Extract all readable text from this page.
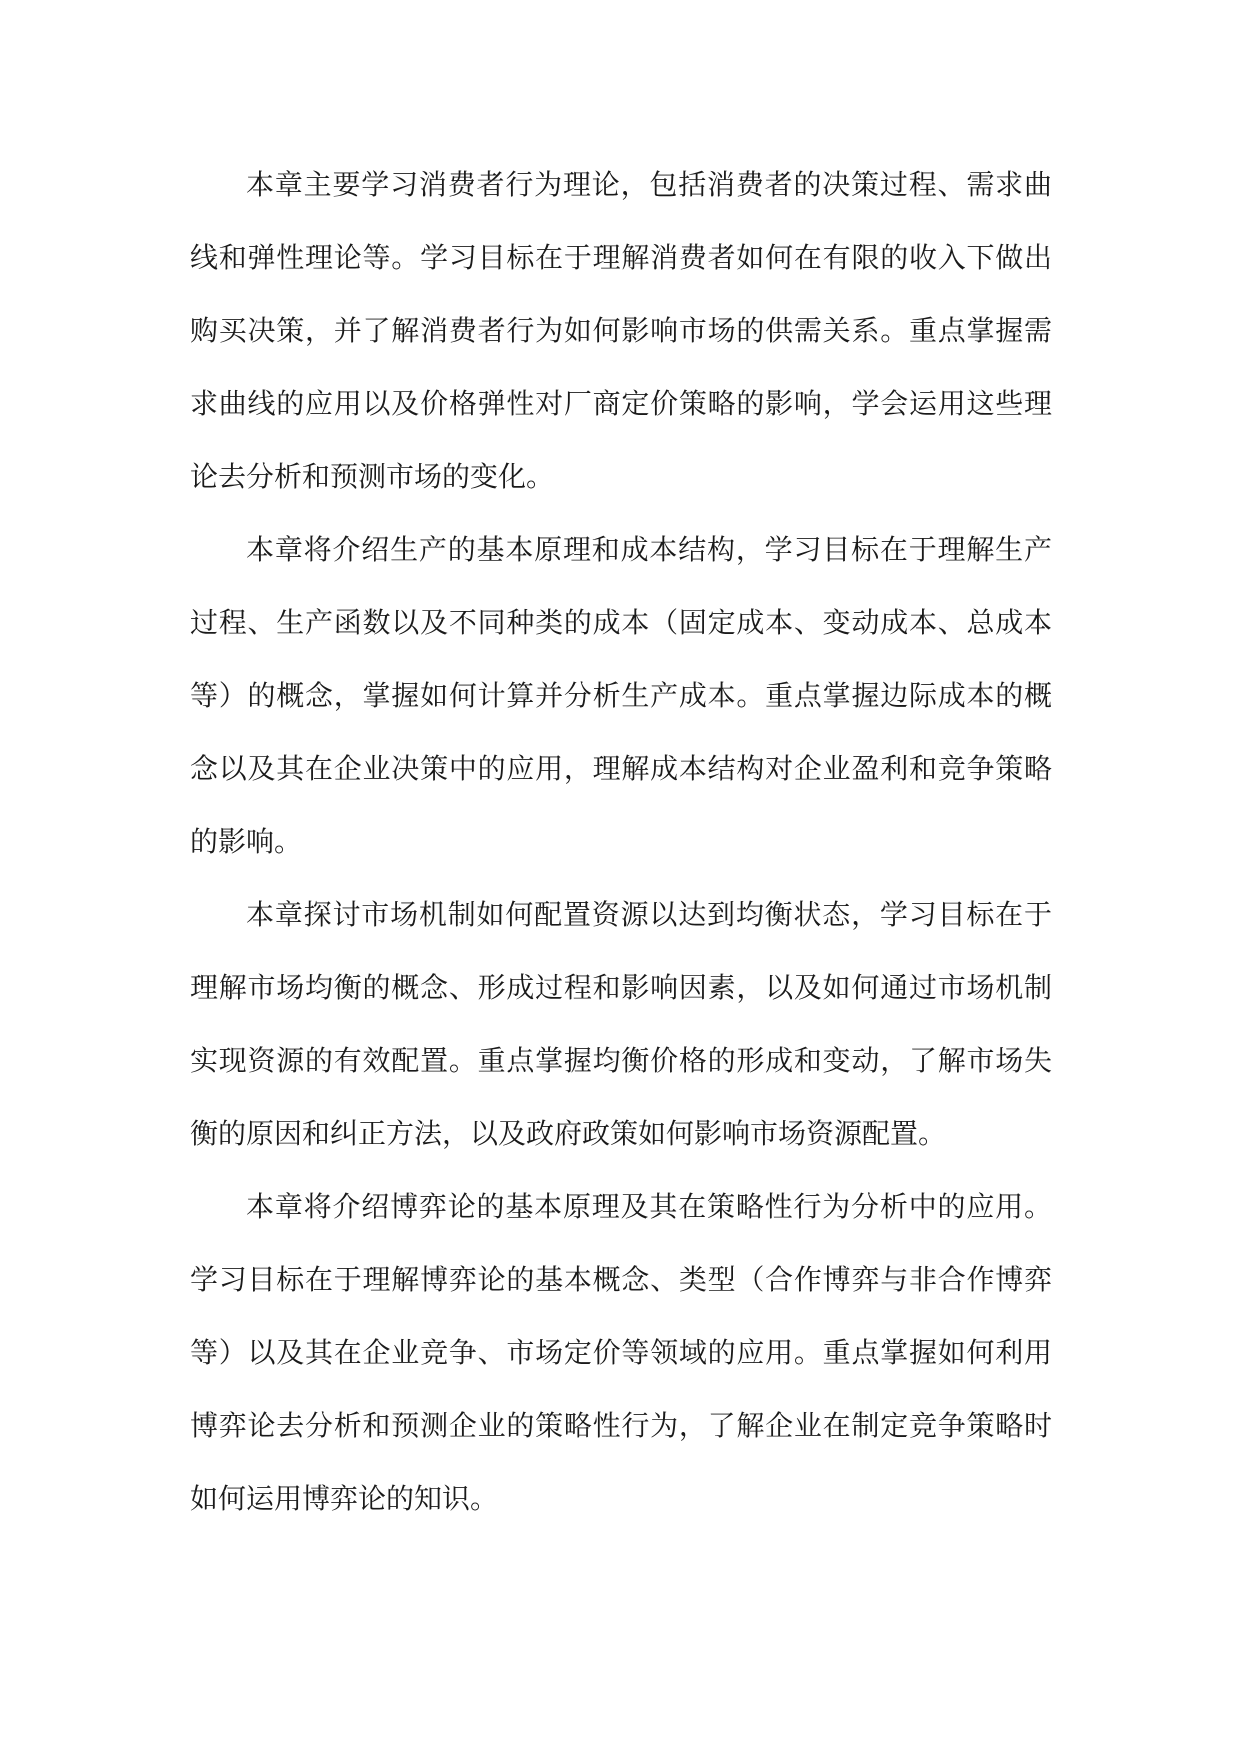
本章主要学习消费者行为理论，包括消费者的决策过程、需求曲线和弹性理论等。学习目标在于理解消费者如何在有限的收入下做出购买决策，并了解消费者行为如何影响市场的供需关系。重点掌握需求曲线的应用以及价格弹性对厂商定价策略的影响，学会运用这些理论去分析和预测市场的变化。

本章将介绍生产的基本原理和成本结构，学习目标在于理解生产过程、生产函数以及不同种类的成本（固定成本、变动成本、总成本等）的概念，掌握如何计算并分析生产成本。重点掌握边际成本的概念以及其在企业决策中的应用，理解成本结构对企业盈利和竞争策略的影响。

本章探讨市场机制如何配置资源以达到均衡状态，学习目标在于理解市场均衡的概念、形成过程和影响因素，以及如何通过市场机制实现资源的有效配置。重点掌握均衡价格的形成和变动，了解市场失衡的原因和纠正方法，以及政府政策如何影响市场资源配置。

本章将介绍博弈论的基本原理及其在策略性行为分析中的应用。学习目标在于理解博弈论的基本概念、类型（合作博弈与非合作博弈等）以及其在企业竞争、市场定价等领域的应用。重点掌握如何利用博弈论去分析和预测企业的策略性行为，了解企业在制定竞争策略时如何运用博弈论的知识。
